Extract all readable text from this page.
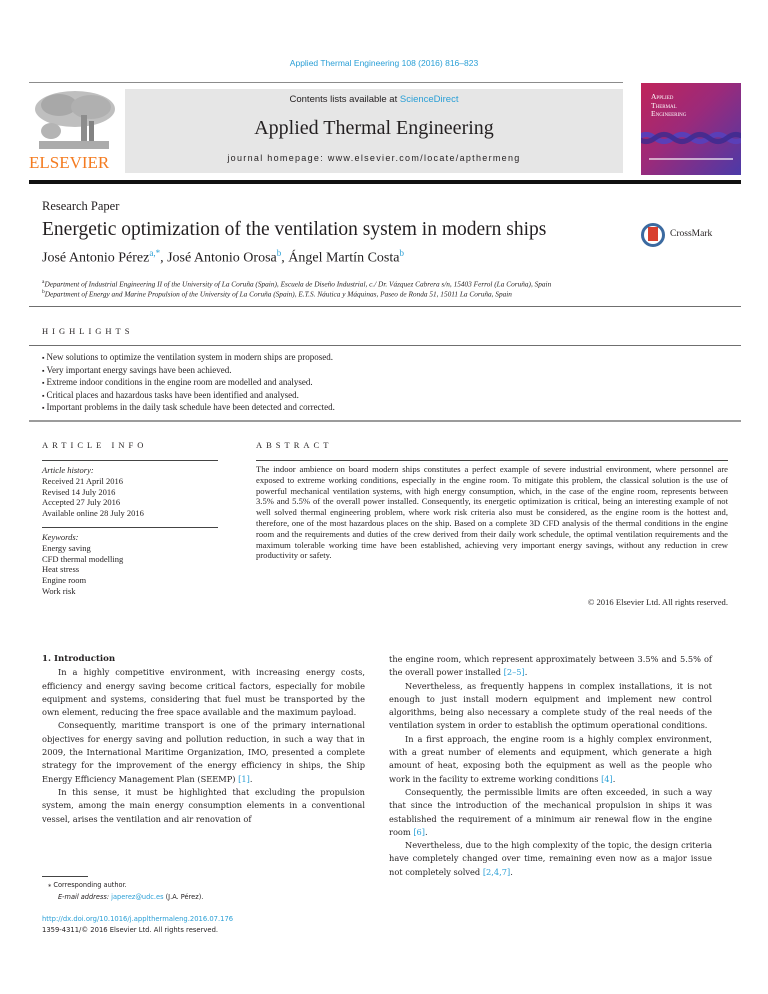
Applied Thermal Engineering 108 (2016) 816–823
ELSEVIER
Contents lists available at ScienceDirect
Applied Thermal Engineering
journal homepage: www.elsevier.com/locate/apthermeng
Applied
Thermal
Engineering
Research Paper
Energetic optimization of the ventilation system in modern ships	CrossMark
José Antonio Pérez$^{a,*}$, José Antonio Orosa$^b$, Ángel Martín Costa$^b$
$^a$Department of Industrial Engineering II of the University of La Coruña (Spain), Escuela de Diseño Industrial, c./ Dr. Vázquez Cabrera s/n, 15403 Ferrol (La Coruña), Spain
$^b$Department of Energy and Marine Propulsion of the University of La Coruña (Spain), E.T.S. Náutica y Máquinas, Paseo de Ronda 51, 15011 La Coruña, Spain
HIGHLIGHTS
▪ New solutions to optimize the ventilation system in modern ships are proposed.
▪ Very important energy savings have been achieved.
▪ Extreme indoor conditions in the engine room are modelled and analysed.
▪ Critical places and hazardous tasks have been identified and analysed.
▪ Important problems in the daily task schedule have been detected and corrected.
ARTICLE INFO	ABSTRACT
Article history:
Received 21 April 2016
Revised 14 July 2016
Accepted 27 July 2016
Available online 28 July 2016
Keywords:
Energy saving
CFD thermal modelling
Heat stress
Engine room
Work risk
The indoor ambience on board modern ships constitutes a perfect example of severe industrial environment, where personnel are exposed to extreme working conditions, especially in the engine room. To mitigate this problem, the classical solution is the use of powerful mechanical ventilation systems, with high energy consumption, which, in the case of the engine room, represents between 3.5% and 5.5% of the overall power installed. Consequently, its energetic optimization is critical, being an interesting example of not well solved thermal engineering problem, where work risk criteria also must be considered, as the engine room is the hottest and, therefore, one of the most hazardous places on the ship. Based on a complete 3D CFD analysis of the thermal conditions in the engine room and the requirements and duties of the crew derived from their daily work schedule, the optimal ventilation requirements and the maximum tolerable working time have been established, achieving very important energy savings, without any reduction in crew productivity or safety.
© 2016 Elsevier Ltd. All rights reserved.

1. Introduction

In a highly competitive environment, with increasing energy costs, efficiency and energy saving become critical factors, especially for mobile equipment and systems, considering that fuel must be transported by the own element, reducing the free space available and the maximum payload.

Consequently, maritime transport is one of the primary international objectives for energy saving and pollution reduction, in such a way that in 2009, the International Maritime Organization, IMO, presented a complete strategy for the improvement of the energy efficiency in ships, the Ship Energy Efficiency Management Plan (SEEMP) [1].

In this sense, it must be highlighted that excluding the propulsion system, among the main energy consumption elements in a conventional vessel, arises the ventilation and air renovation of

the engine room, which represent approximately between 3.5% and 5.5% of the overall power installed [2–5].

Nevertheless, as frequently happens in complex installations, it is not enough to just install modern equipment and implement new control algorithms, being also necessary a complete study of the real needs of the ventilation system in order to establish the optimum operational conditions.

In a first approach, the engine room is a highly complex environment, with a great number of elements and equipment, which generate a high amount of heat, exposing both the equipment as well as the people who work in the facility to extreme working conditions [4].

Consequently, the permissible limits are often exceeded, in such a way that since the introduction of the mechanical propulsion in ships it was established the requirement of a minimum air renewal flow in the engine room [6].

Nevertheless, due to the high complexity of the topic, the design criteria have completely changed over time, remaining even now as a major issue not completely solved [2,4,7].

⁎ Corresponding author.
E-mail address: japerez@udc.es (J.A. Pérez).
http://dx.doi.org/10.1016/j.applthermaleng.2016.07.176
1359-4311/© 2016 Elsevier Ltd. All rights reserved.
